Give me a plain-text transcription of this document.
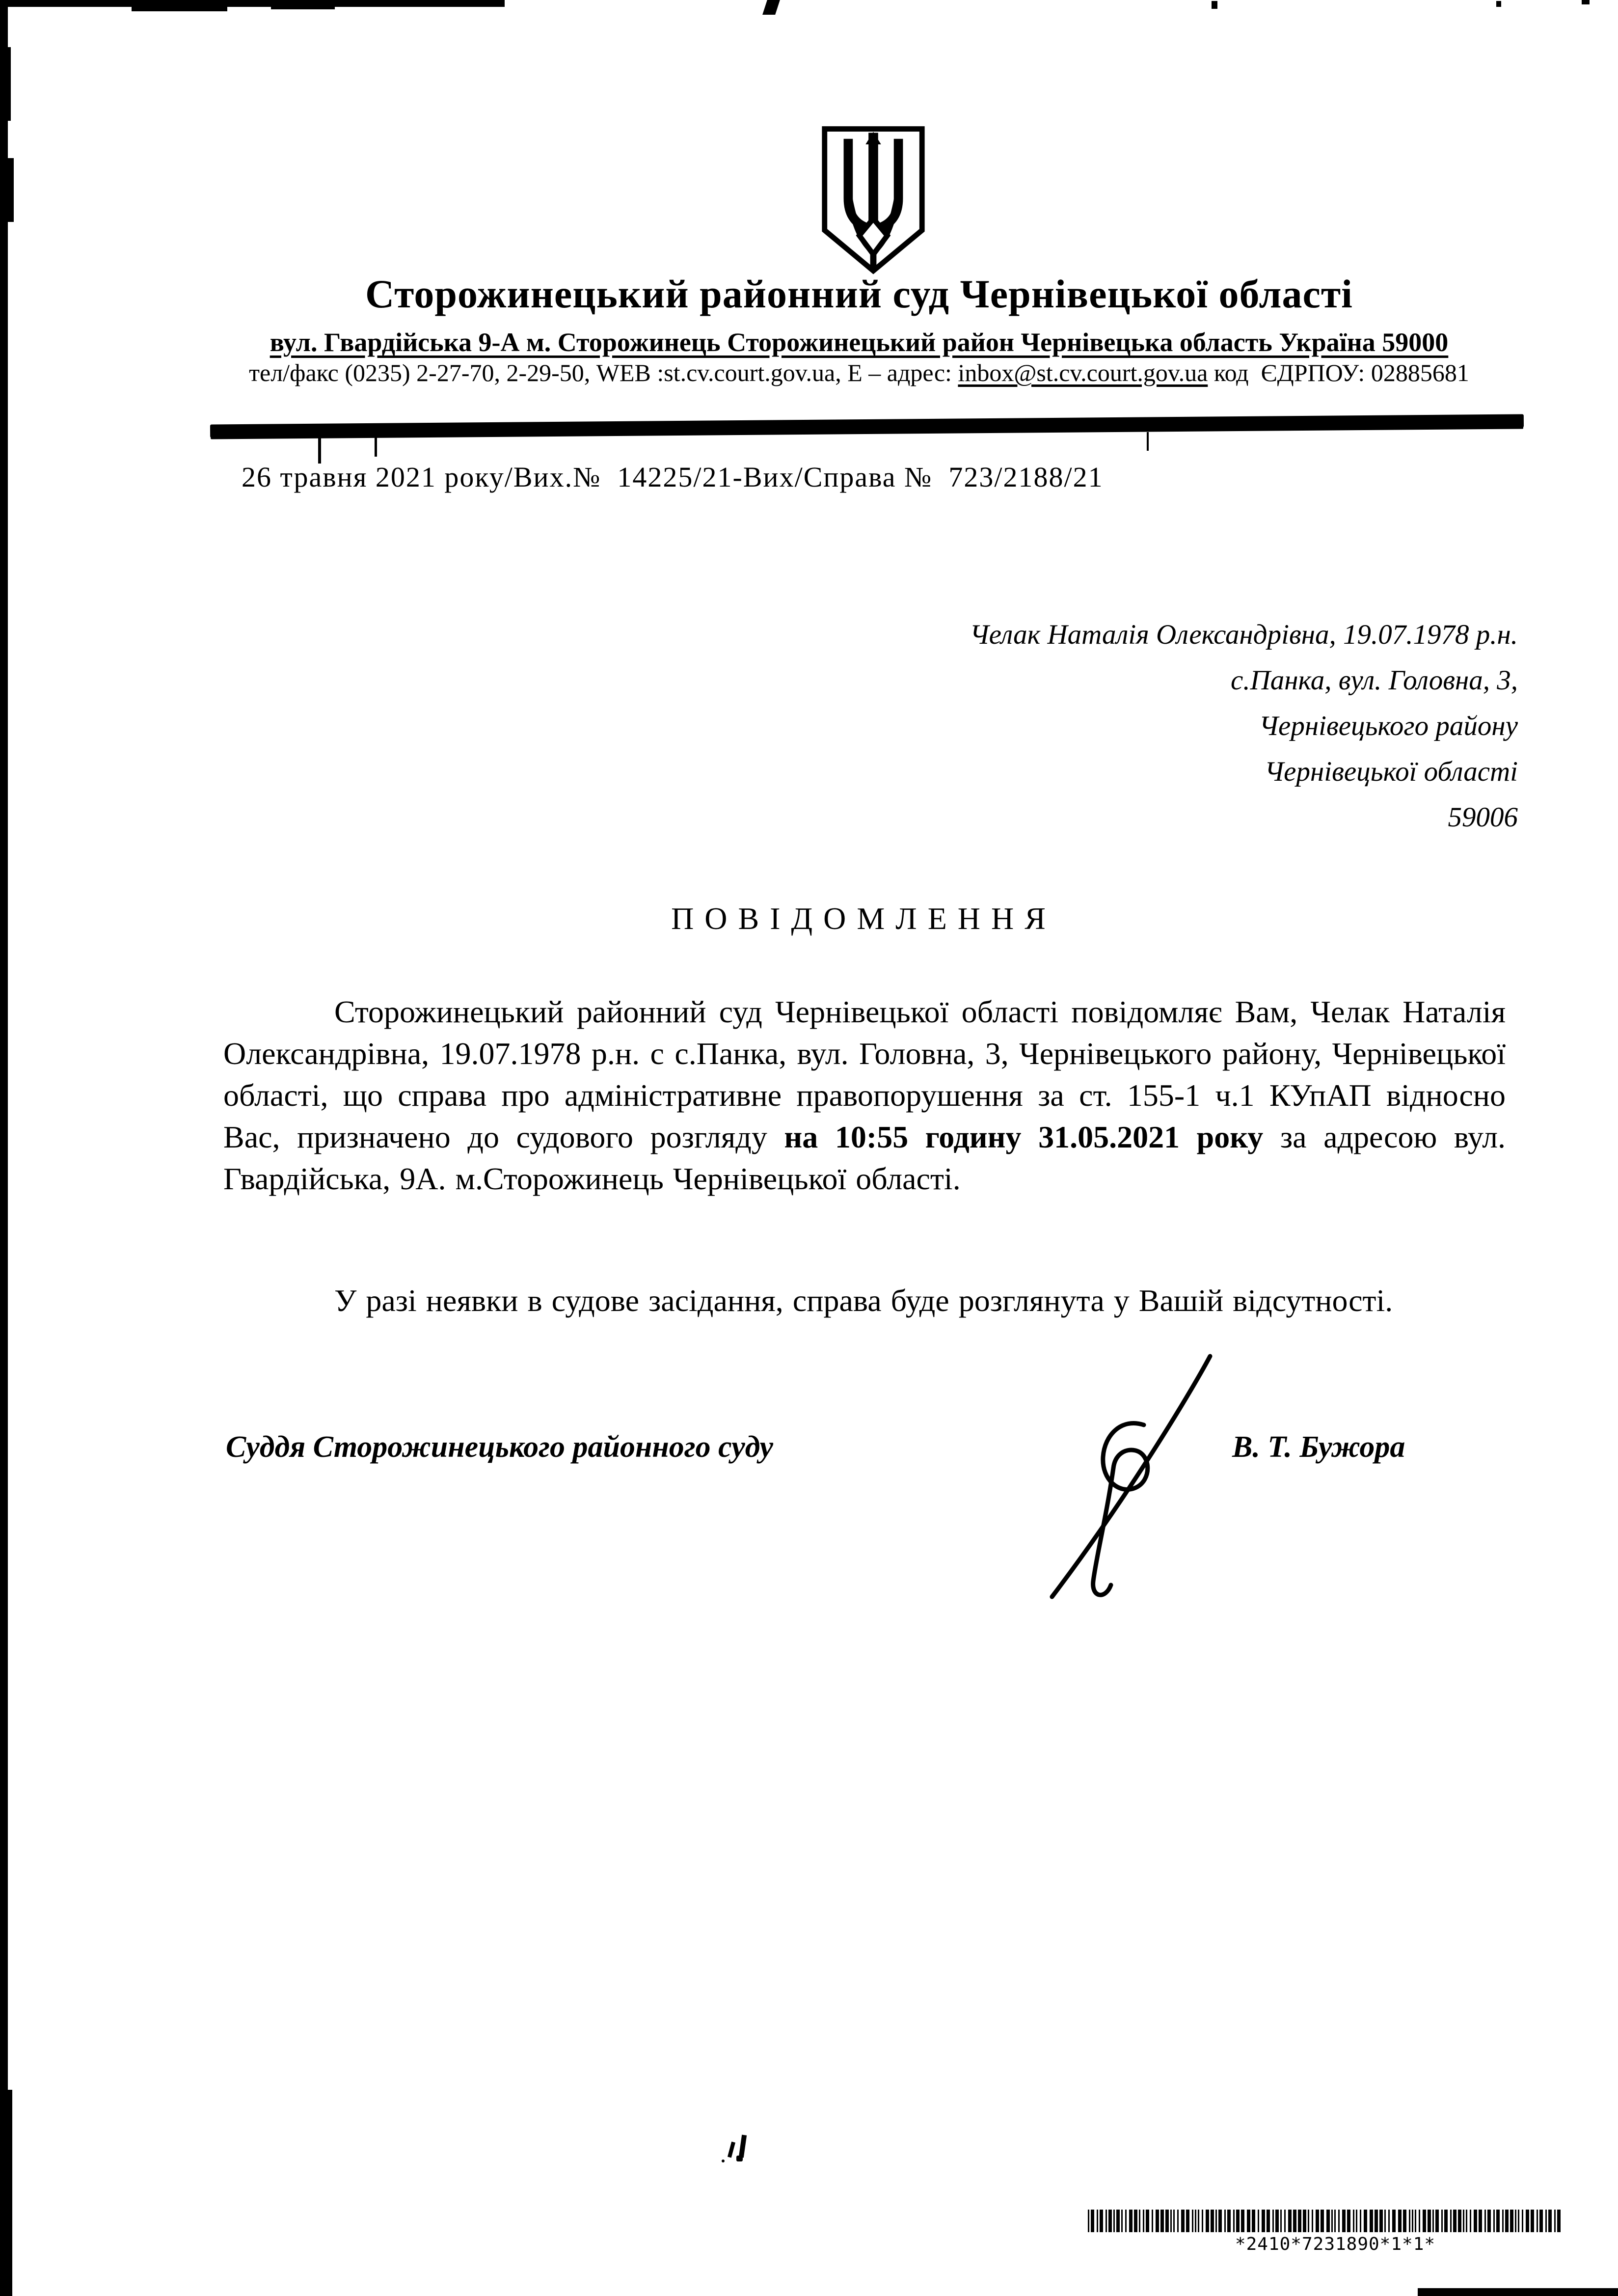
Сторожинецький районний суд Чернівецької області
вул. Гвардійська 9-А м. Сторожинець Сторожинецький район Чернівецька область Україна 59000
тел/факс (0235) 2-27-70, 2-29-50, WEB :st.cv.court.gov.ua, Е – адрес: inbox@st.cv.court.gov.ua код  ЄДРПОУ: 02885681
26 травня 2021 року/Вих.№  14225/21-Вих/Справа №  723/2188/21
Челак Наталія Олександрівна, 19.07.1978 р.н.
с.Панка, вул. Головна, 3,
Чернівецького району
Чернівецької області
59006
П О В І Д О М Л Е Н Н Я
Сторожинецький районний суд Чернівецької області повідомляє Вам, Челак Наталія Олександрівна, 19.07.1978 р.н. с с.Панка, вул. Головна, 3, Чернівецького району, Чернівецької області, що справа про адміністративне правопорушення за ст. 155-1 ч.1 КУпАП відносно Вас, призначено до судового розгляду на 10:55 годину 31.05.2021 року за адресою вул. Гвардійська, 9А. м.Сторожинець Чернівецької області.
У разі неявки в судове засідання, справа буде розглянута у Вашій відсутності.
Суддя Сторожинецького районного суду	В. Т. Бужора
*2410*7231890*1*1*
